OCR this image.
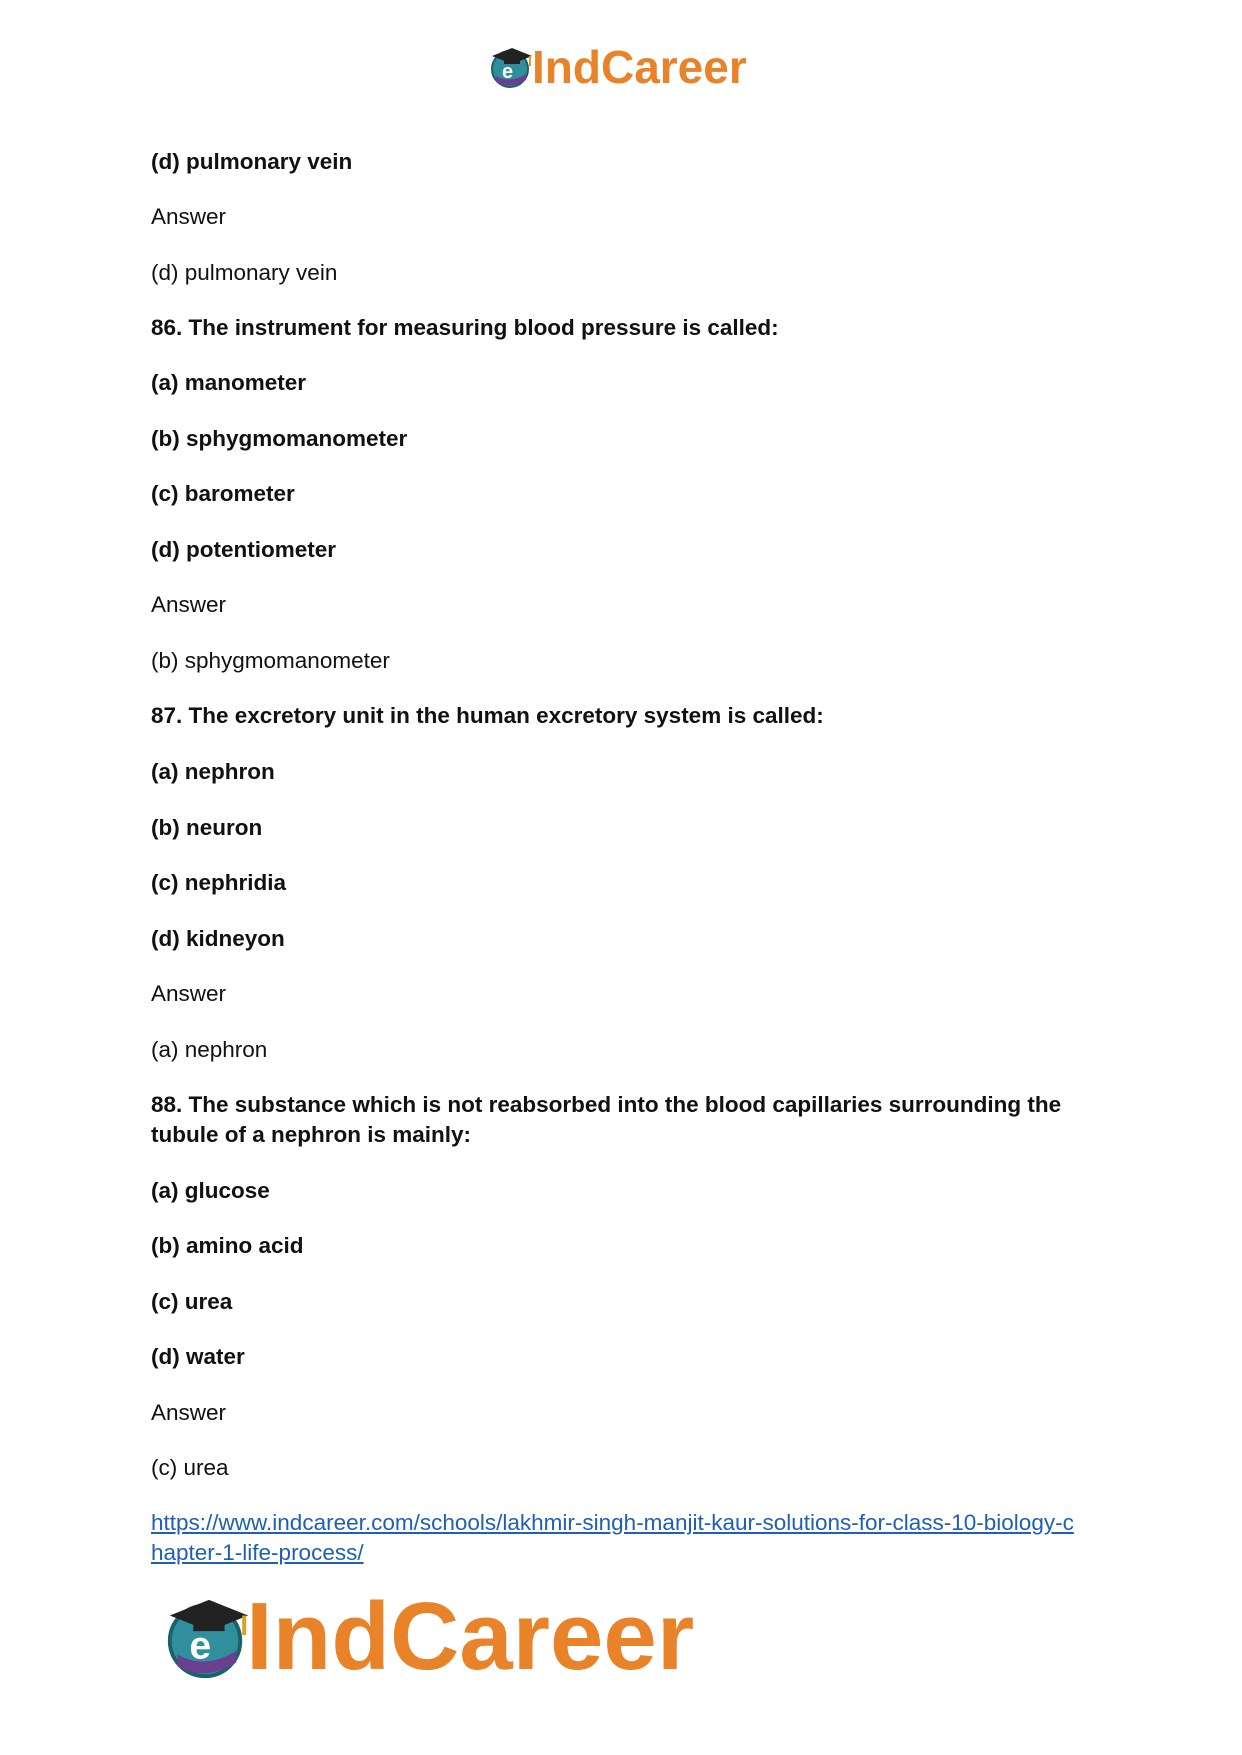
e IndCareer
(d) pulmonary vein
Answer
(d) pulmonary vein
86. The instrument for measuring blood pressure is called:
(a) manometer
(b) sphygmomanometer
(c) barometer
(d) potentiometer
Answer
(b) sphygmomanometer
87. The excretory unit in the human excretory system is called:
(a) nephron
(b) neuron
(c) nephridia
(d) kidneyon
Answer
(a) nephron
88. The substance which is not reabsorbed into the blood capillaries surrounding the
tubule of a nephron is mainly:
(a) glucose
(b) amino acid
(c) urea
(d) water
Answer
(c) urea
https://www.indcareer.com/schools/lakhmir-singh-manjit-kaur-solutions-for-class-10-biology-c
hapter-1-life-process/
e IndCareer
